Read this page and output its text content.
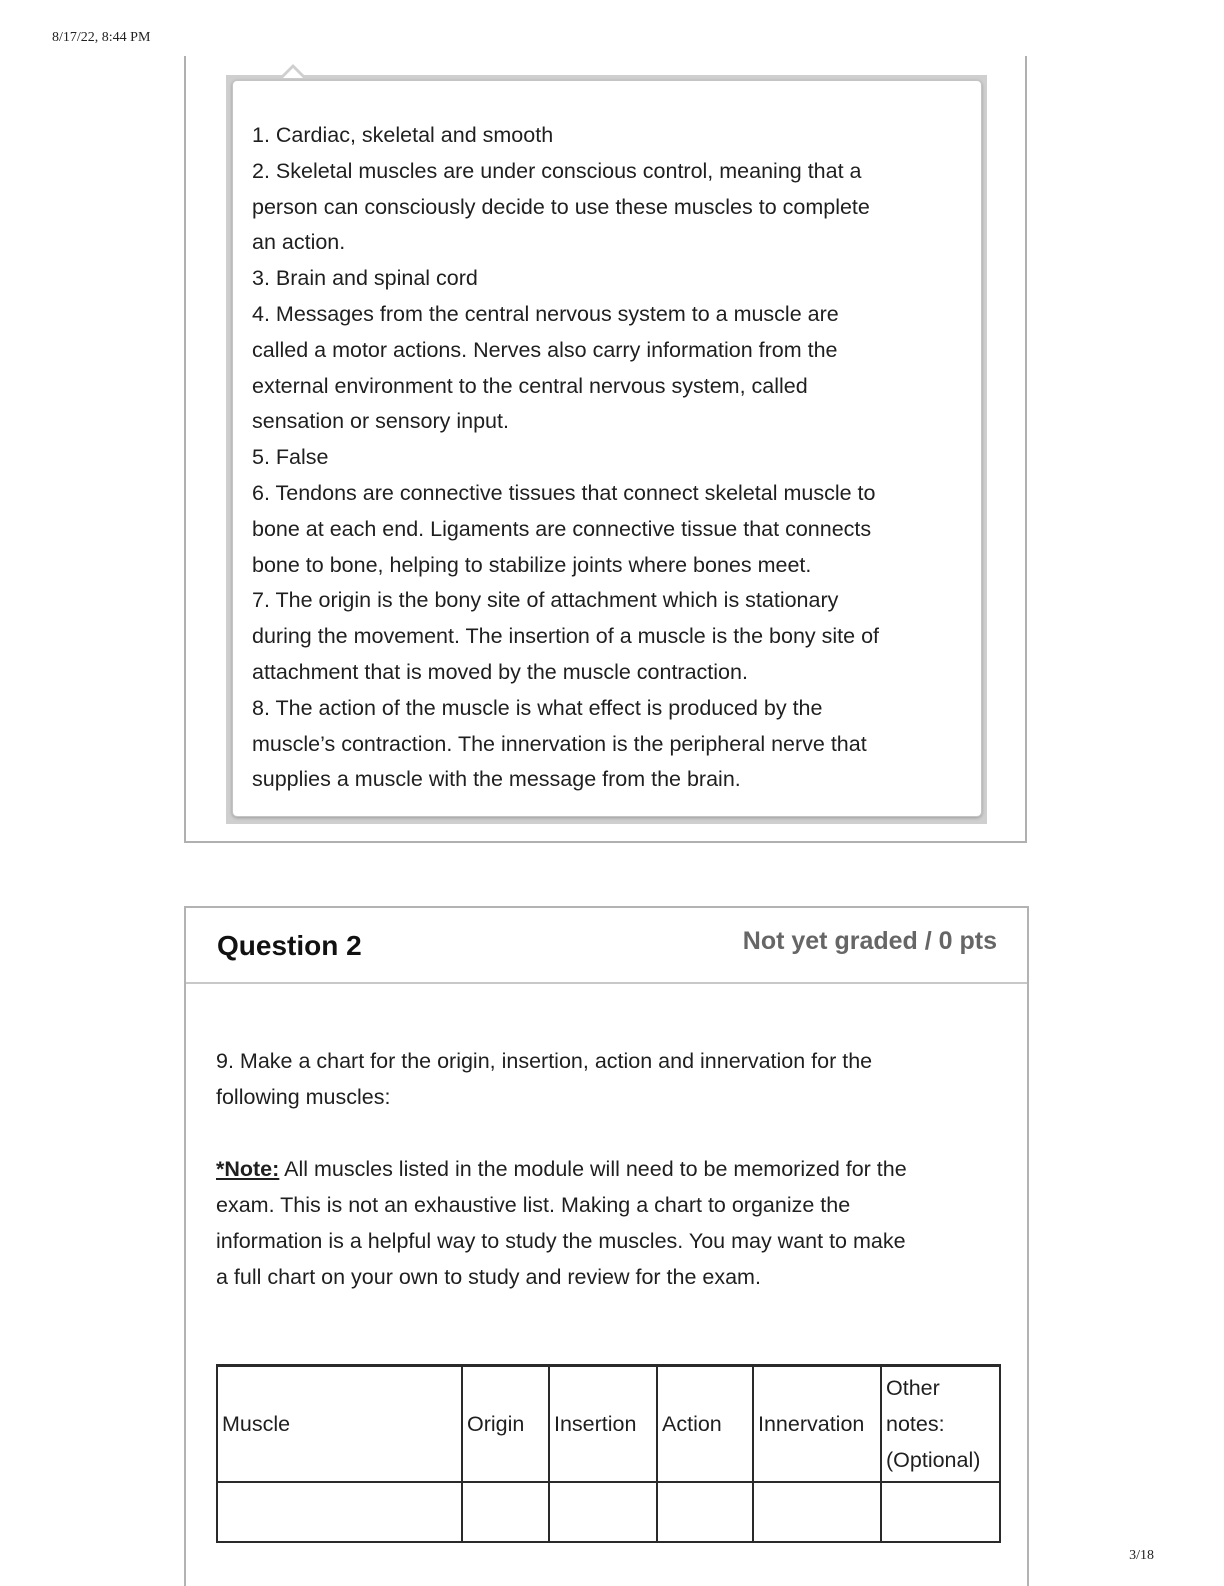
8/17/22, 8:44 PM

1. Cardiac, skeletal and smooth

2. Skeletal muscles are under conscious control, meaning that a

person can consciously decide to use these muscles to complete

an action.

3. Brain and spinal cord

4. Messages from the central nervous system to a muscle are

called a motor actions. Nerves also carry information from the

external environment to the central nervous system, called

sensation or sensory input.

5. False

6. Tendons are connective tissues that connect skeletal muscle to

bone at each end. Ligaments are connective tissue that connects

bone to bone, helping to stabilize joints where bones meet.

7. The origin is the bony site of attachment which is stationary

during the movement. The insertion of a muscle is the bony site of

attachment that is moved by the muscle contraction.

8. The action of the muscle is what effect is produced by the

muscle’s contraction. The innervation is the peripheral nerve that

supplies a muscle with the message from the brain.

Question 2	Not yet graded / 0 pts

9. Make a chart for the origin, insertion, action and innervation for the

following muscles:

*Note: All muscles listed in the module will need to be memorized for the

exam. This is not an exhaustive list. Making a chart to organize the

information is a helpful way to study the muscles. You may want to make

a full chart on your own to study and review for the exam.

Muscle	Origin	Insertion	Action	Innervation	Other
notes:
(Optional)

3/18
